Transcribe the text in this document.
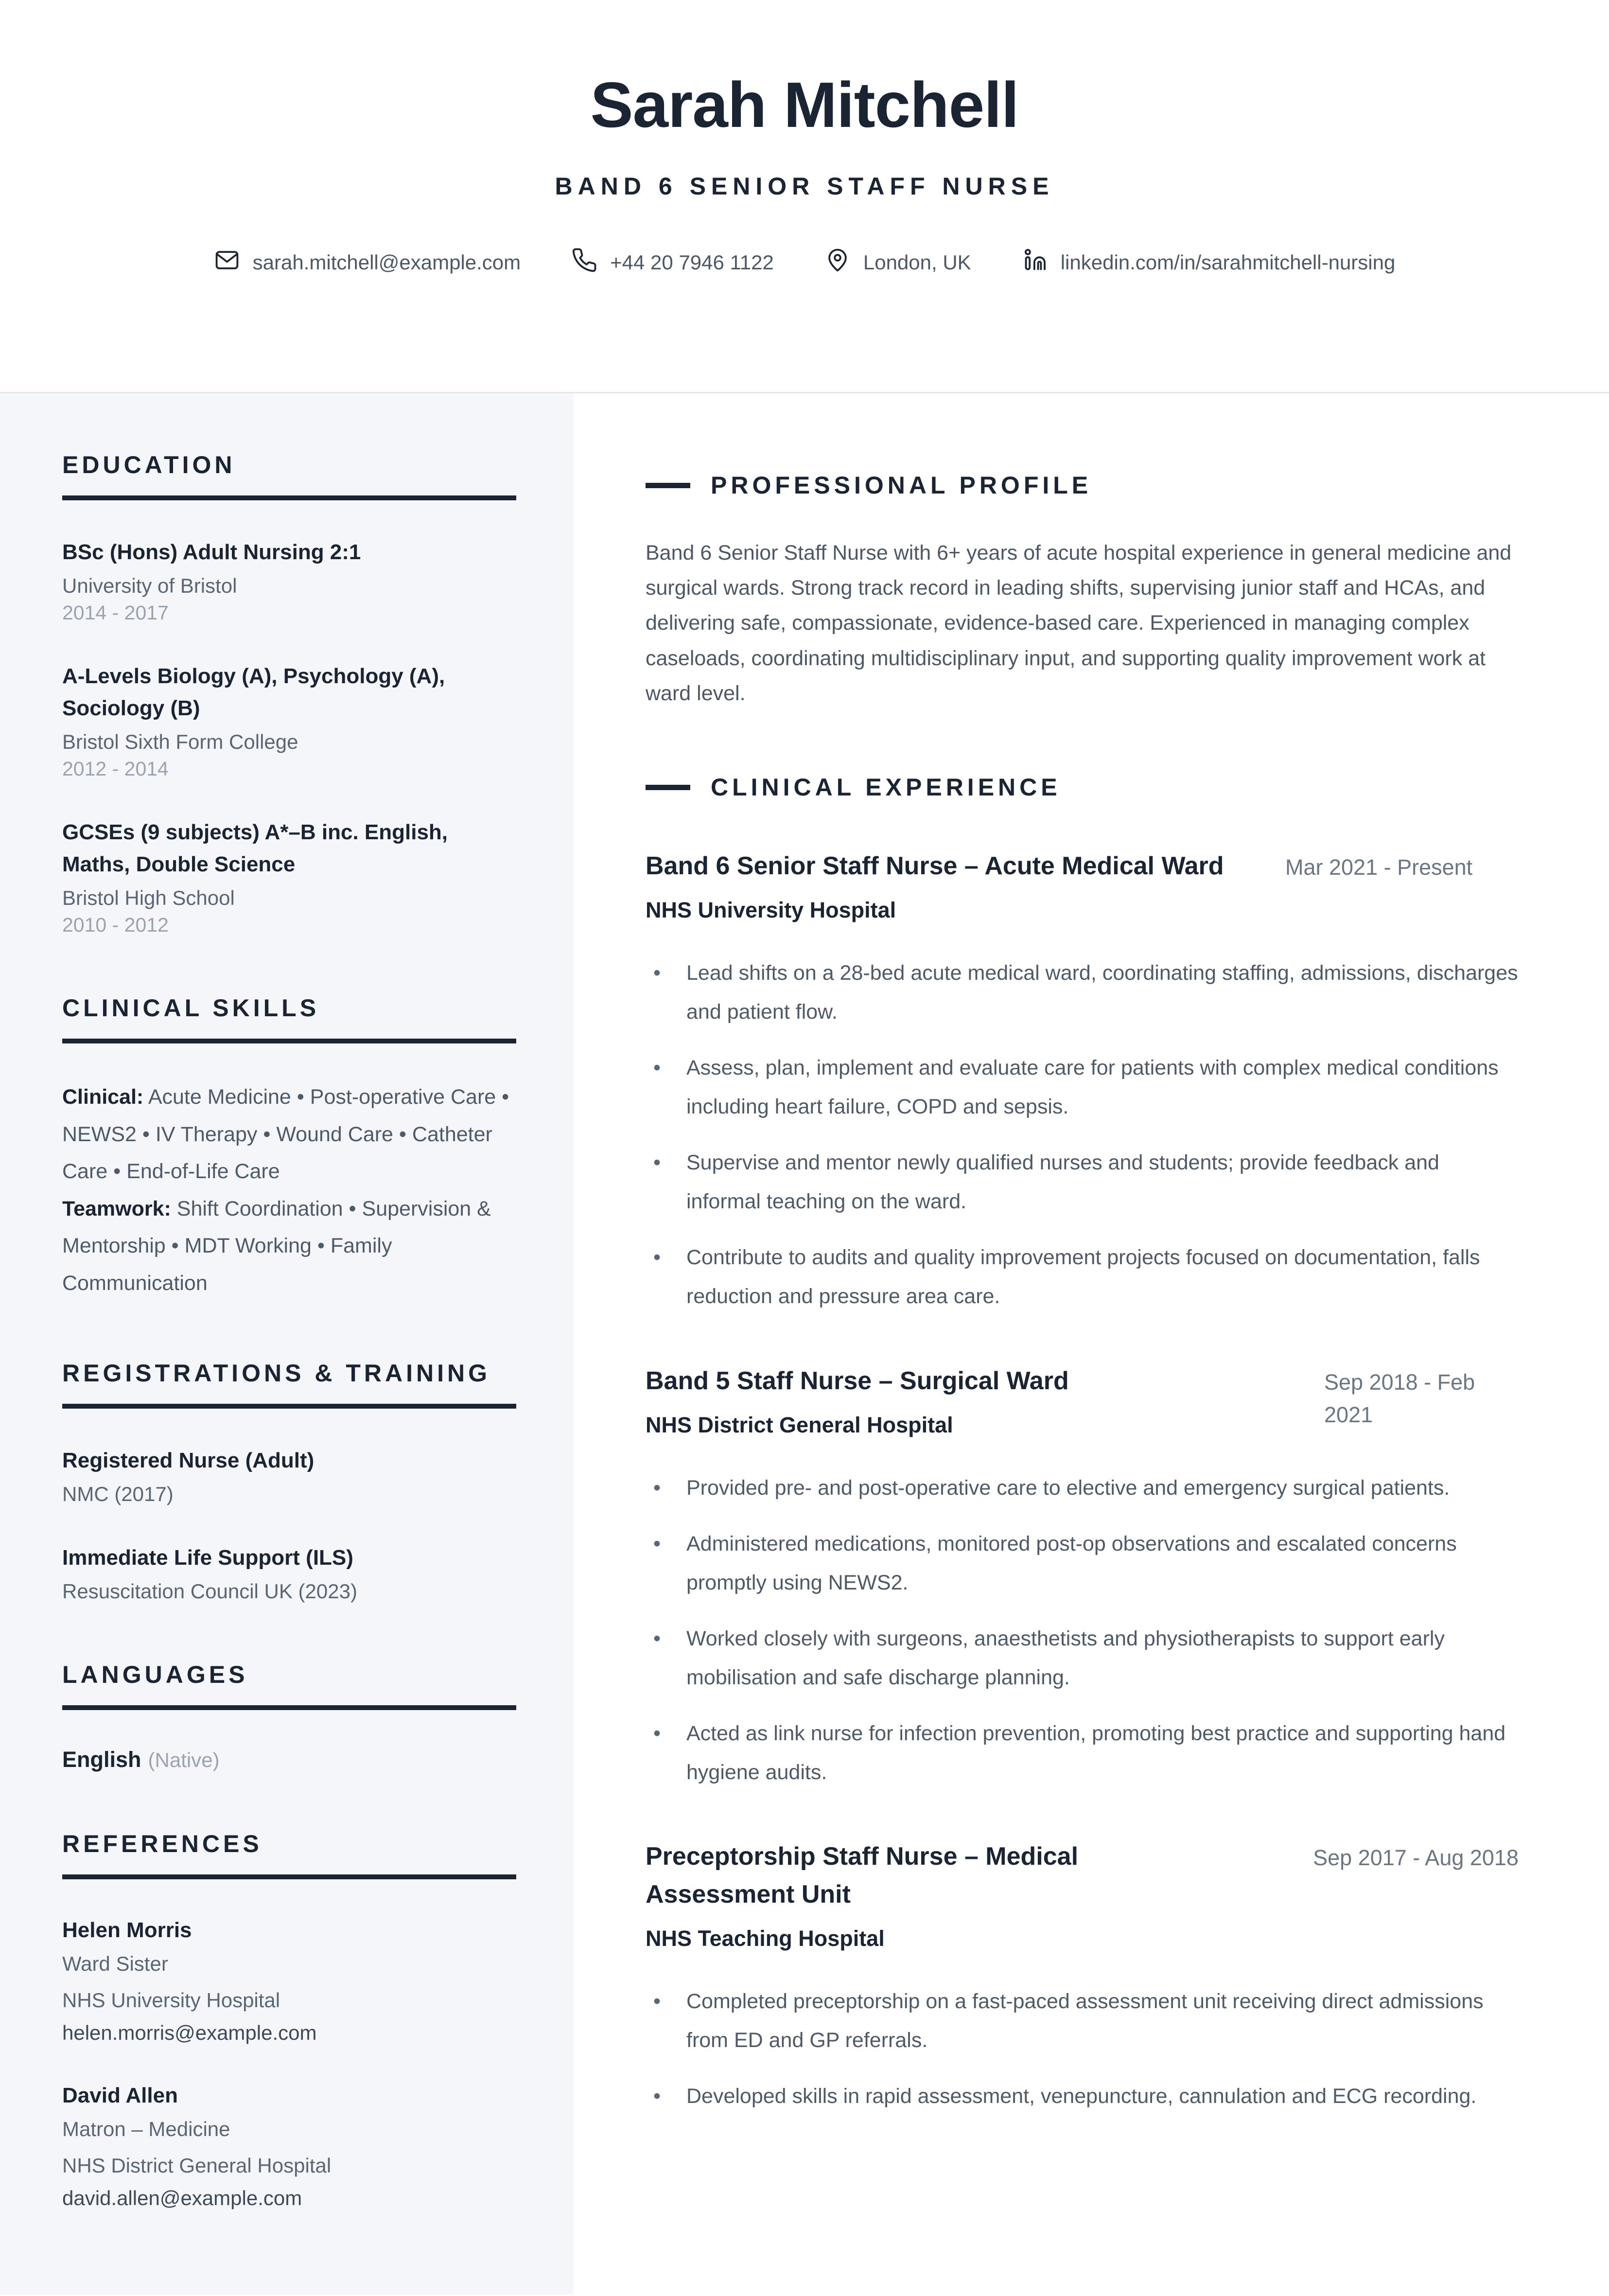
Sarah Mitchell
BAND 6 SENIOR STAFF NURSE
sarah.mitchell@example.com	+44 20 7946 1122	London, UK	linkedin.com/in/sarahmitchell-nursing
EDUCATION
BSc (Hons) Adult Nursing 2:1
University of Bristol
2014 - 2017
A-Levels Biology (A), Psychology (A), Sociology (B)
Bristol Sixth Form College
2012 - 2014
GCSEs (9 subjects) A*–B inc. English, Maths, Double Science
Bristol High School
2010 - 2012
CLINICAL SKILLS
Clinical: Acute Medicine • Post-operative Care • NEWS2 • IV Therapy • Wound Care • Catheter Care • End-of-Life Care
Teamwork: Shift Coordination • Supervision & Mentorship • MDT Working • Family Communication
REGISTRATIONS & TRAINING
Registered Nurse (Adult)
NMC (2017)
Immediate Life Support (ILS)
Resuscitation Council UK (2023)
LANGUAGES
English (Native)
REFERENCES
Helen Morris
Ward Sister
NHS University Hospital
helen.morris@example.com
David Allen
Matron – Medicine
NHS District General Hospital
david.allen@example.com
PROFESSIONAL PROFILE

Band 6 Senior Staff Nurse with 6+ years of acute hospital experience in general medicine and surgical wards. Strong track record in leading shifts, supervising junior staff and HCAs, and delivering safe, compassionate, evidence-based care. Experienced in managing complex caseloads, coordinating multidisciplinary input, and supporting quality improvement work at ward level.

CLINICAL EXPERIENCE
Band 6 Senior Staff Nurse – Acute Medical Ward
NHS University Hospital
Mar 2021 - Present
• Lead shifts on a 28-bed acute medical ward, coordinating staffing, admissions, discharges and patient flow.
• Assess, plan, implement and evaluate care for patients with complex medical conditions including heart failure, COPD and sepsis.
• Supervise and mentor newly qualified nurses and students; provide feedback and informal teaching on the ward.
• Contribute to audits and quality improvement projects focused on documentation, falls reduction and pressure area care.
Band 5 Staff Nurse – Surgical Ward
NHS District General Hospital
Sep 2018 - Feb 2021
• Provided pre- and post-operative care to elective and emergency surgical patients.
• Administered medications, monitored post-op observations and escalated concerns promptly using NEWS2.
• Worked closely with surgeons, anaesthetists and physiotherapists to support early mobilisation and safe discharge planning.
• Acted as link nurse for infection prevention, promoting best practice and supporting hand hygiene audits.
Preceptorship Staff Nurse – Medical Assessment Unit
NHS Teaching Hospital
Sep 2017 - Aug 2018
• Completed preceptorship on a fast-paced assessment unit receiving direct admissions from ED and GP referrals.
• Developed skills in rapid assessment, venepuncture, cannulation and ECG recording.
